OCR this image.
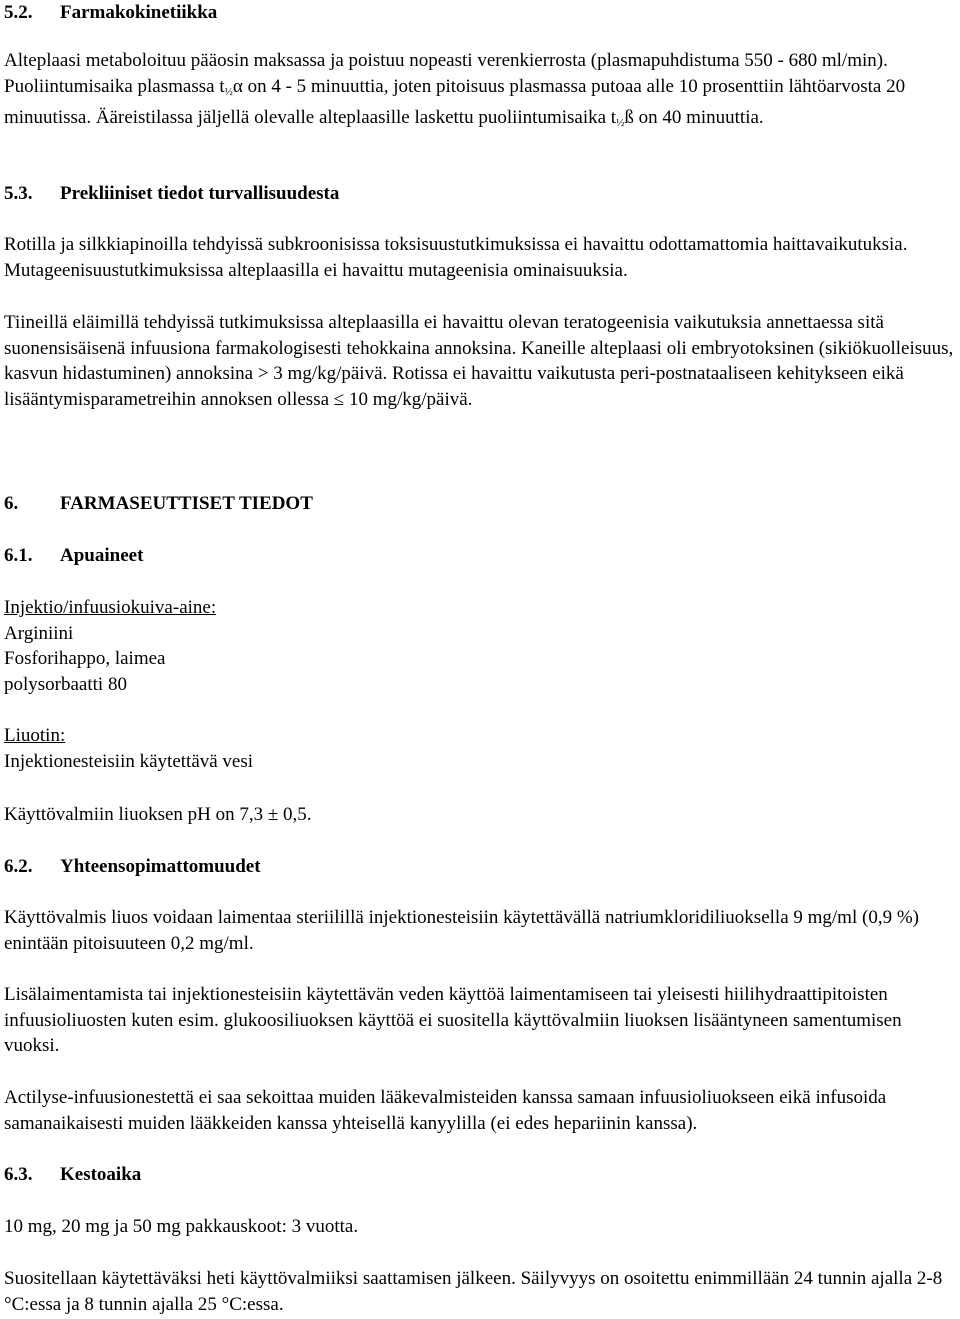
5.2.	Farmakokinetiikka

Alteplaasi metaboloituu pääosin maksassa ja poistuu nopeasti verenkierrosta (plasmapuhdistuma 550 - 680 ml/min). Puoliintumisaika plasmassa $t_{\frac{1}{2}}\alpha$ on 4 - 5 minuuttia, joten pitoisuus plasmassa putoaa alle 10 prosenttiin lähtöarvosta 20 minuutissa. Ääreistilassa jäljellä olevalle alteplaasille laskettu puoliintumisaika $t_{\frac{1}{2}}ß$ on 40 minuuttia.

5.3.	Prekliiniset tiedot turvallisuudesta

Rotilla ja silkkiapinoilla tehdyissä subkroonisissa toksisuustutkimuksissa ei havaittu odottamattomia haittavaikutuksia. Mutageenisuustutkimuksissa alteplaasilla ei havaittu mutageenisia ominaisuuksia.

Tiineillä eläimillä tehdyissä tutkimuksissa alteplaasilla ei havaittu olevan teratogeenisia vaikutuksia annettaessa sitä suonensisäisenä infuusiona farmakologisesti tehokkaina annoksina. Kaneille alteplaasi oli embryotoksinen (sikiökuolleisuus, kasvun hidastuminen) annoksina > 3 mg/kg/päivä. Rotissa ei havaittu vaikutusta peri-postnataaliseen kehitykseen eikä lisääntymisparametreihin annoksen ollessa ≤ 10 mg/kg/päivä.

6.	FARMASEUTTISET TIEDOT
6.1.	Apuaineet
Injektio/infuusiokuiva-aine:
Arginiini
Fosforihappo, laimea
polysorbaatti 80
Liuotin:
Injektionesteisiin käytettävä vesi

Käyttövalmiin liuoksen pH on 7,3 ± 0,5.

6.2.	Yhteensopimattomuudet

Käyttövalmis liuos voidaan laimentaa steriilillä injektionesteisiin käytettävällä natriumkloridiliuoksella 9 mg/ml (0,9 %) enintään pitoisuuteen 0,2 mg/ml.

Lisälaimentamista tai injektionesteisiin käytettävän veden käyttöä laimentamiseen tai yleisesti hiilihydraattipitoisten infuusioliuosten kuten esim. glukoosiliuoksen käyttöä ei suositella käyttövalmiin liuoksen lisääntyneen samentumisen vuoksi.

Actilyse-infuusionestettä ei saa sekoittaa muiden lääkevalmisteiden kanssa samaan infuusioliuokseen eikä infusoida samanaikaisesti muiden lääkkeiden kanssa yhteisellä kanyylilla (ei edes hepariinin kanssa).

6.3.	Kestoaika

10 mg, 20 mg ja 50 mg pakkauskoot: 3 vuotta.

Suositellaan käytettäväksi heti käyttövalmiiksi saattamisen jälkeen. Säilyvyys on osoitettu enimmillään 24 tunnin ajalla 2-8 °C:essa ja 8 tunnin ajalla 25 °C:essa.
